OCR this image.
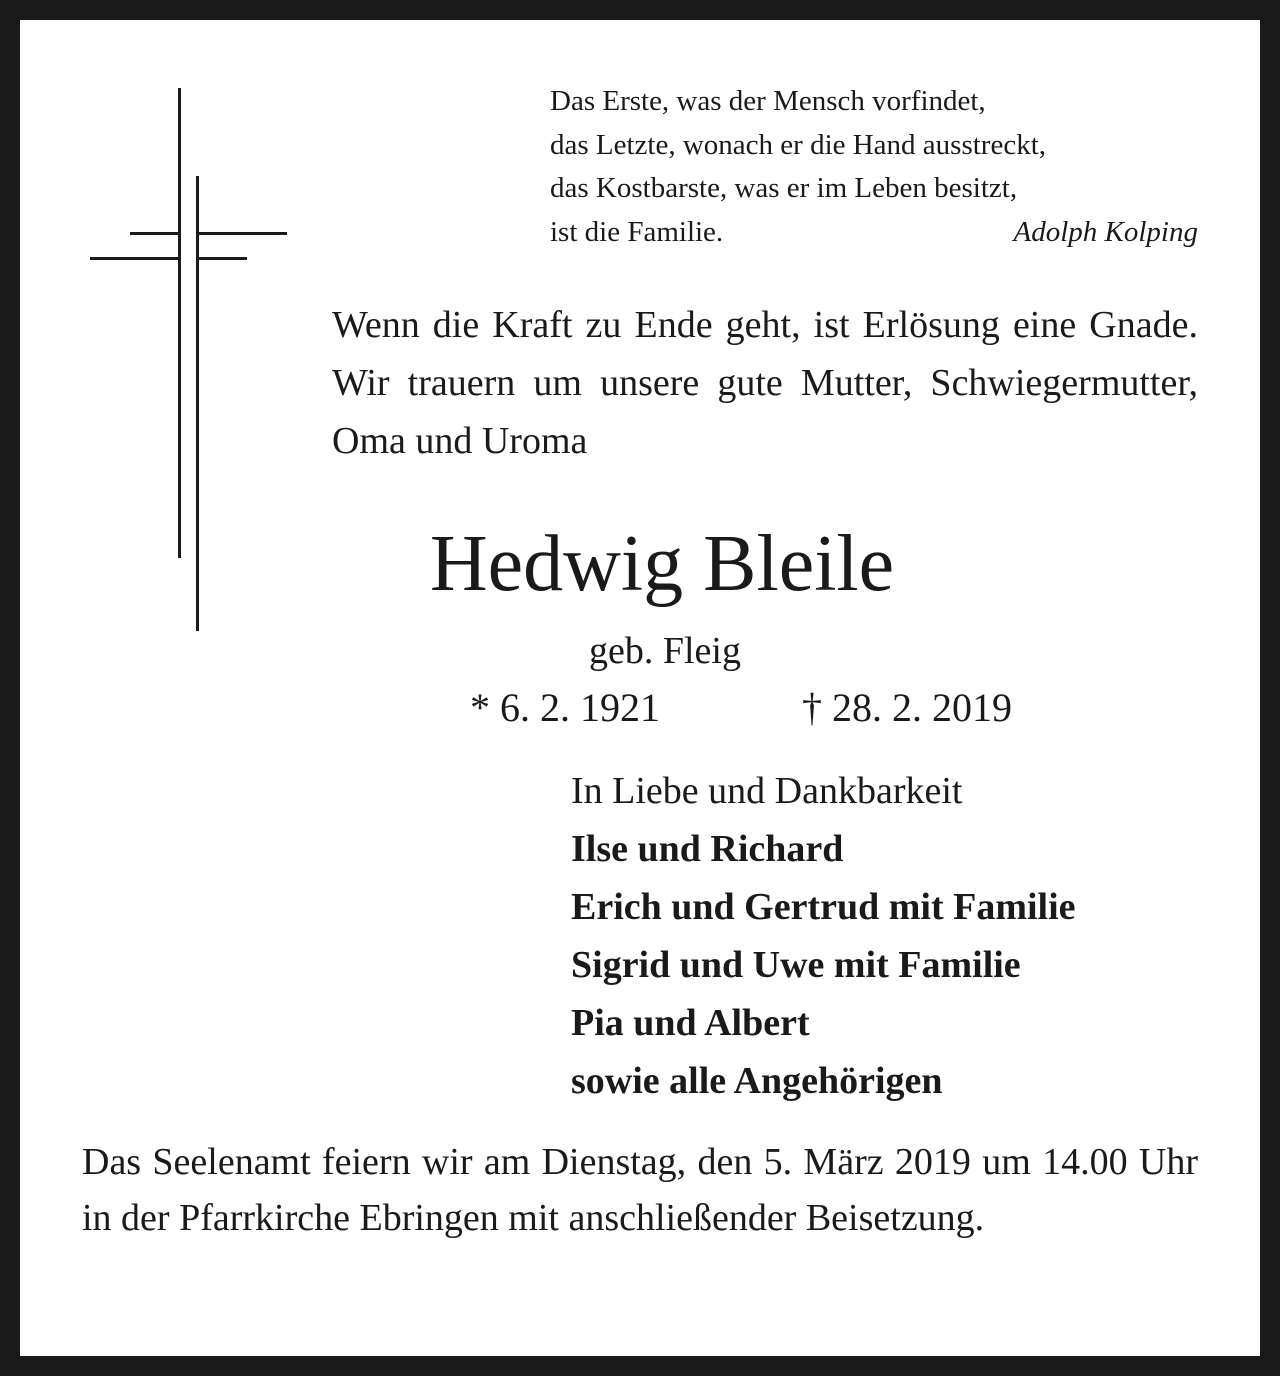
Das Erste, was der Mensch vorfindet,
das Letzte, wonach er die Hand ausstreckt,
das Kostbarste, was er im Leben besitzt,
ist die Familie.	Adolph Kolping
Wenn die Kraft zu Ende geht, ist Erlösung eine Gnade. Wir trauern um unsere gute Mutter, Schwiegermutter, Oma und Uroma
Hedwig Bleile
geb. Fleig
* 6. 2. 1921	† 28. 2. 2019
In Liebe und Dankbarkeit
Ilse und Richard
Erich und Gertrud mit Familie
Sigrid und Uwe mit Familie
Pia und Albert
sowie alle Angehörigen
Das Seelenamt feiern wir am Dienstag, den 5. März 2019 um 14.00 Uhr in der Pfarrkirche Ebringen mit anschließender Beisetzung.
